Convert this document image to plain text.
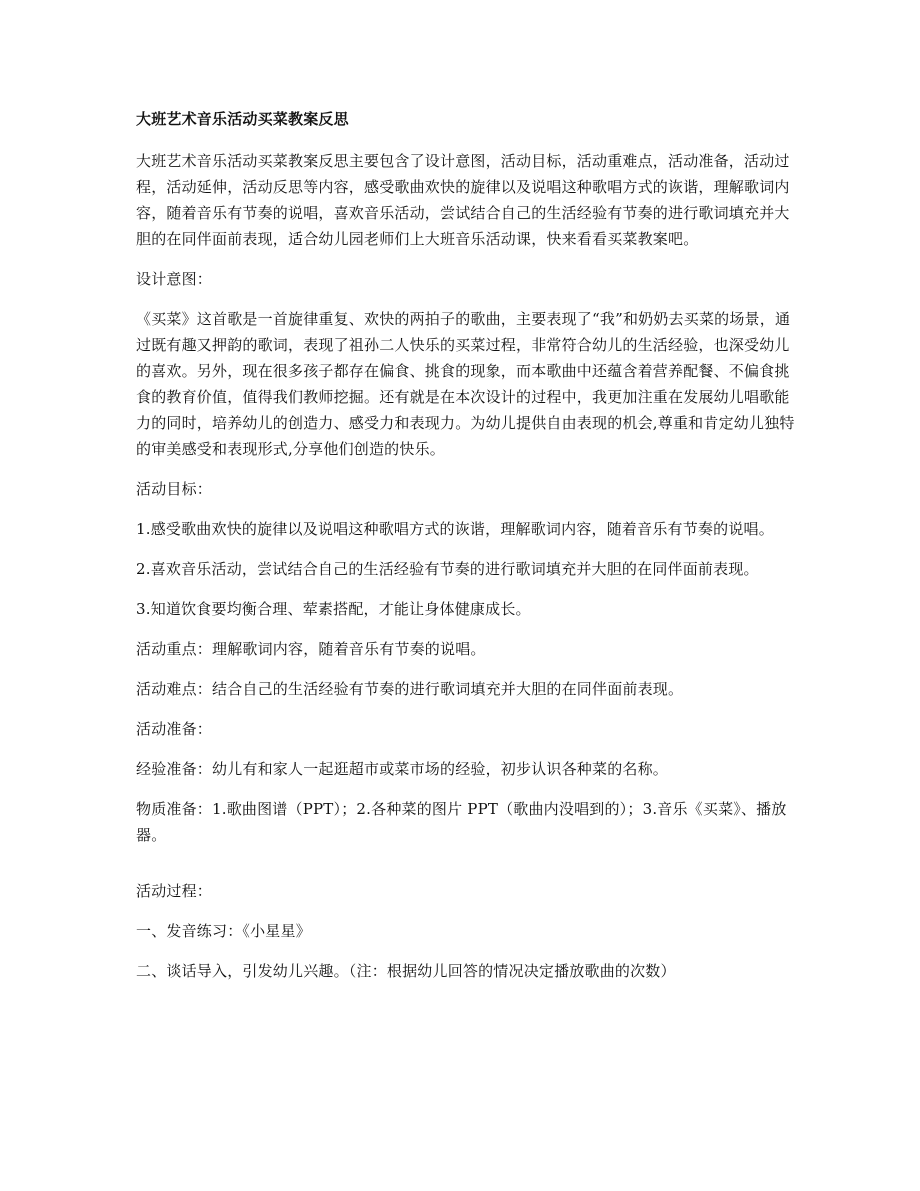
大班艺术音乐活动买菜教案反思

大班艺术音乐活动买菜教案反思主要包含了设计意图，活动目标，活动重难点，活动准备，活动过程，活动延伸，活动反思等内容，感受歌曲欢快的旋律以及说唱这种歌唱方式的诙谐，理解歌词内容，随着音乐有节奏的说唱，喜欢音乐活动，尝试结合自己的生活经验有节奏的进行歌词填充并大胆的在同伴面前表现，适合幼儿园老师们上大班音乐活动课，快来看看买菜教案吧。

设计意图：

《买菜》这首歌是一首旋律重复、欢快的两拍子的歌曲，主要表现了“我”和奶奶去买菜的场景，通过既有趣又押韵的歌词，表现了祖孙二人快乐的买菜过程，非常符合幼儿的生活经验，也深受幼儿的喜欢。另外，现在很多孩子都存在偏食、挑食的现象，而本歌曲中还蕴含着营养配餐、不偏食挑食的教育价值，值得我们教师挖掘。还有就是在本次设计的过程中，我更加注重在发展幼儿唱歌能力的同时，培养幼儿的创造力、感受力和表现力。为幼儿提供自由表现的机会,尊重和肯定幼儿独特的审美感受和表现形式,分享他们创造的快乐。

活动目标：

1.感受歌曲欢快的旋律以及说唱这种歌唱方式的诙谐，理解歌词内容，随着音乐有节奏的说唱。

2.喜欢音乐活动，尝试结合自己的生活经验有节奏的进行歌词填充并大胆的在同伴面前表现。

3.知道饮食要均衡合理、荤素搭配，才能让身体健康成长。

活动重点：理解歌词内容，随着音乐有节奏的说唱。

活动难点：结合自己的生活经验有节奏的进行歌词填充并大胆的在同伴面前表现。

活动准备：

经验准备：幼儿有和家人一起逛超市或菜市场的经验，初步认识各种菜的名称。

物质准备：1.歌曲图谱（PPT）；2.各种菜的图片 PPT（歌曲内没唱到的）；3.音乐《买菜》、播放器。

活动过程：

一、发音练习：《小星星》

二、谈话导入，引发幼儿兴趣。（注：根据幼儿回答的情况决定播放歌曲的次数）
